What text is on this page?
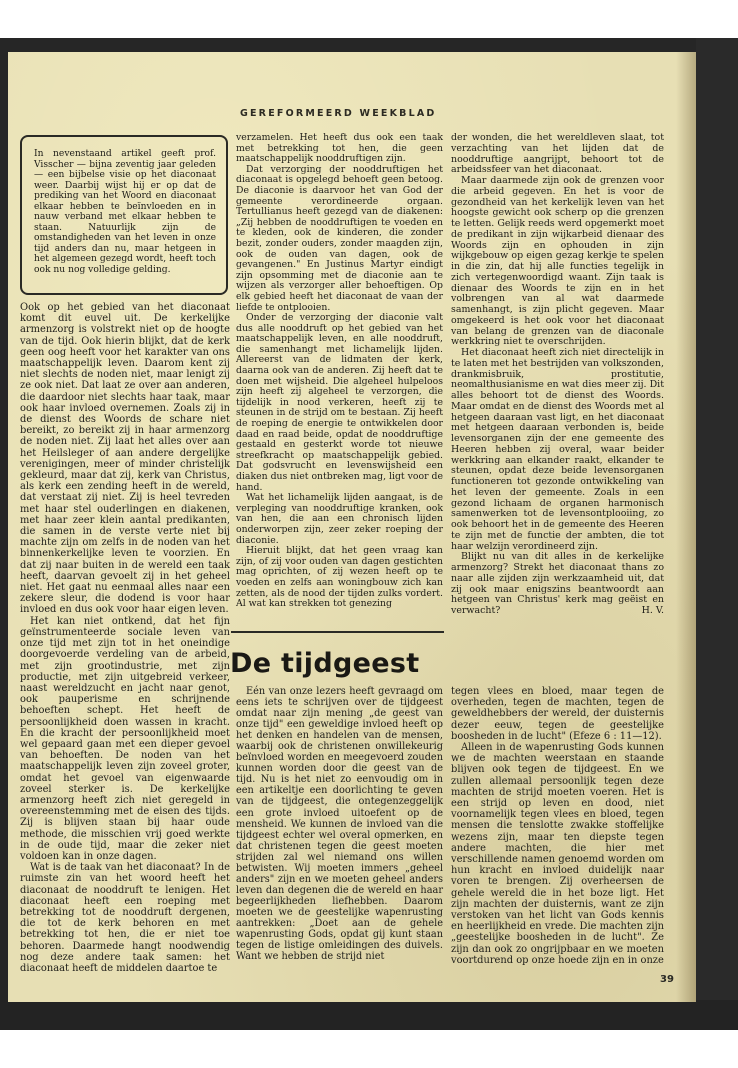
GEREFORMEERD WEEKBLAD
In nevenstaand artikel geeft prof. Visscher — bijna zeventig jaar geleden — een bijbelse visie op het diaconaat weer. Daarbij wijst hij er op dat de prediking van het Woord en diaconaat elkaar hebben te beïnvloeden en in nauw verband met elkaar hebben te staan. Natuurlijk zijn de omstandigheden van het leven in onze tijd anders dan nu, maar hetgeen in het algemeen gezegd wordt, heeft toch ook nu nog volledige gelding.

Ook op het gebied van het diaconaat komt dit euvel uit. De kerkelijke armenzorg is volstrekt niet op de hoogte van de tijd. Ook hierin blijkt, dat de kerk geen oog heeft voor het karakter van ons maatschappelijk leven. Daarom kent zij niet slechts de noden niet, maar lenigt zij ze ook niet. Dat laat ze over aan anderen, die daardoor niet slechts haar taak, maar ook haar invloed overnemen. Zoals zij in de dienst des Woords de schare niet bereikt, zo bereikt zij in haar armenzorg de noden niet. Zij laat het alles over aan het Heilsleger of aan andere dergelijke verenigingen, meer of minder christelijk gekleurd, maar dat zij, kerk van Christus, als kerk een zending heeft in de wereld, dat verstaat zij niet. Zij is heel tevreden met haar stel ouderlingen en diakenen, met haar zeer klein aantal predikanten, die samen in de verste verte niet bij machte zijn om zelfs in de noden van het binnenkerkelijke leven te voorzien. En dat zij naar buiten in de wereld een taak heeft, daarvan gevoelt zij in het geheel niet. Het gaat nu eenmaal alles naar een zekere sleur, die dodend is voor haar invloed en dus ook voor haar eigen leven.

Het kan niet ontkend, dat het fijn geïnstrumenteerde sociale leven van onze tijd met zijn tot in het oneindige doorgevoerde verdeling van de arbeid, met zijn grootindustrie, met zijn productie, met zijn uitgebreid verkeer, naast wereldzucht en jacht naar genot, ook pauperisme en schrijnende behoeften schept. Het heeft de persoonlijkheid doen wassen in kracht. En die kracht der persoonlijkheid moet wel gepaard gaan met een dieper gevoel van behoeften. De noden van het maatschappelijk leven zijn zoveel groter, omdat het gevoel van eigenwaarde zoveel sterker is. De kerkelijke armenzorg heeft zich niet geregeld in overeenstemming met de eisen des tijds. Zij is blijven staan bij haar oude methode, die misschien vrij goed werkte in de oude tijd, maar die zeker niet voldoen kan in onze dagen.

Wat is de taak van het diaconaat? In de ruimste zin van het woord heeft het diaconaat de nooddruft te lenigen. Het diaconaat heeft een roeping met betrekking tot de nooddruft dergenen, die tot de kerk behoren en met betrekking tot hen, die er niet toe behoren. Daarmede hangt noodwendig nog deze andere taak samen: het diaconaat heeft de middelen daartoe te

verzamelen. Het heeft dus ook een taak met betrekking tot hen, die geen maatschappelijk nooddruftigen zijn.

Dat verzorging der nooddruftigen het diaconaat is opgelegd behoeft geen betoog. De diaconie is daarvoor het van God der gemeente verordineerde orgaan. Tertullianus heeft gezegd van de diakenen: „Zij hebben de nooddruftigen te voeden en te kleden, ook de kinderen, die zonder bezit, zonder ouders, zonder maagden zijn, ook de ouden van dagen, ook de gevangenen." En Justinus Martyr eindigt zijn opsomming met de diaconie aan te wijzen als verzorger aller behoeftigen. Op elk gebied heeft het diaconaat de vaan der liefde te ontplooien.

Onder de verzorging der diaconie valt dus alle nooddruft op het gebied van het maatschappelijk leven, en alle nooddruft, die samenhangt met lichamelijk lijden. Allereerst van de lidmaten der kerk, daarna ook van de anderen. Zij heeft dat te doen met wijsheid. Die algeheel hulpeloos zijn heeft zij algeheel te verzorgen, die tijdelijk in nood verkeren, heeft zij te steunen in de strijd om te bestaan. Zij heeft de roeping de energie te ontwikkelen door daad en raad beide, opdat de nooddruftige gestaald en gesterkt worde tot nieuwe streefkracht op maatschappelijk gebied. Dat godsvrucht en levenswijsheid een diaken dus niet ontbreken mag, ligt voor de hand.

Wat het lichamelijk lijden aangaat, is de verpleging van nooddruftige kranken, ook van hen, die aan een chronisch lijden onderworpen zijn, zeer zeker roeping der diaconie.

Hieruit blijkt, dat het geen vraag kan zijn, of zij voor ouden van dagen gestichten mag oprichten, of zij wezen heeft op te voeden en zelfs aan woningbouw zich kan zetten, als de nood der tijden zulks vordert. Al wat kan strekken tot genezing

der wonden, die het wereldleven slaat, tot verzachting van het lijden dat de nooddruftige aangrijpt, behoort tot de arbeidssfeer van het diaconaat.

Maar daarmede zijn ook de grenzen voor die arbeid gegeven. En het is voor de gezondheid van het kerkelijk leven van het hoogste gewicht ook scherp op die grenzen te letten. Gelijk reeds werd opgemerkt moet de predikant in zijn wijkarbeid dienaar des Woords zijn en ophouden in zijn wijkgebouw op eigen gezag kerkje te spelen in die zin, dat hij alle functies tegelijk in zich vertegenwoordigd waant. Zijn taak is dienaar des Woords te zijn en in het volbrengen van al wat daarmede samenhangt, is zijn plicht gegeven. Maar omgekeerd is het ook voor het diaconaat van belang de grenzen van de diaconale werkkring niet te overschrijden.

Het diaconaat heeft zich niet directelijk in te laten met het bestrijden van volkszonden, drankmisbruik, prostitutie, neomalthusianisme en wat dies meer zij. Dit alles behoort tot de dienst des Woords. Maar omdat en de dienst des Woords met al hetgeen daaraan vast ligt, en het diaconaat met hetgeen daaraan verbonden is, beide levensorganen zijn der ene gemeente des Heeren hebben zij overal, waar beider werkkring aan elkander raakt, elkander te steunen, opdat deze beide levensorganen functioneren tot gezonde ontwikkeling van het leven der gemeente. Zoals in een gezond lichaam de organen harmonisch samenwerken tot de levensontplooiing, zo ook behoort het in de gemeente des Heeren te zijn met de functie der ambten, die tot haar welzijn verordineerd zijn.

Blijkt nu van dit alles in de kerkelijke armenzorg? Strekt het diaconaat thans zo naar alle zijden zijn werkzaamheid uit, dat zij ook maar enigszins beantwoordt aan hetgeen van Christus' kerk mag geëist en verwacht?	H. V.

De tijdgeest

Eén van onze lezers heeft gevraagd om eens iets te schrijven over de tijdgeest omdat naar zijn mening „de geest van onze tijd" een geweldige invloed heeft op het denken en handelen van de mensen, waarbij ook de christenen onwillekeurig beïnvloed worden en meegevoerd zouden kunnen worden door die geest van de tijd. Nu is het niet zo eenvoudig om in een artikeltje een doorlichting te geven van de tijdgeest, die ontegenzeggelijk een grote invloed uitoefent op de mensheid. We kunnen de invloed van die tijdgeest echter wel overal opmerken, en dat christenen tegen die geest moeten strijden zal wel niemand ons willen betwisten. Wij moeten immers „geheel anders" zijn en we moeten geheel anders leven dan degenen die de wereld en haar begeerlijkheden liefhebben. Daarom moeten we de geestelijke wapenrusting aantrekken: „Doet aan de gehele wapenrusting Gods, opdat gij kunt staan tegen de listige omleidingen des duivels. Want we hebben de strijd niet

tegen vlees en bloed, maar tegen de overheden, tegen de machten, tegen de geweldhebbers der wereld, der duisternis dezer eeuw, tegen de geestelijke boosheden in de lucht" (Efeze 6 : 11—12).

Alleen in de wapenrusting Gods kunnen we de machten weerstaan en staande blijven ook tegen de tijdgeest. En we zullen allemaal persoonlijk tegen deze machten de strijd moeten voeren. Het is een strijd op leven en dood, niet voornamelijk tegen vlees en bloed, tegen mensen die tenslotte zwakke stoffelijke wezens zijn, maar ten diepste tegen andere machten, die hier met verschillende namen genoemd worden om hun kracht en invloed duidelijk naar voren te brengen. Zij overheersen de gehele wereld die in het boze ligt. Het zijn machten der duisternis, want ze zijn verstoken van het licht van Gods kennis en heerlijkheid en vrede. Die machten zijn „geestelijke boosheden in de lucht". Ze zijn dan ook zo ongrijpbaar en we moeten voortdurend op onze hoede zijn en in onze

39
